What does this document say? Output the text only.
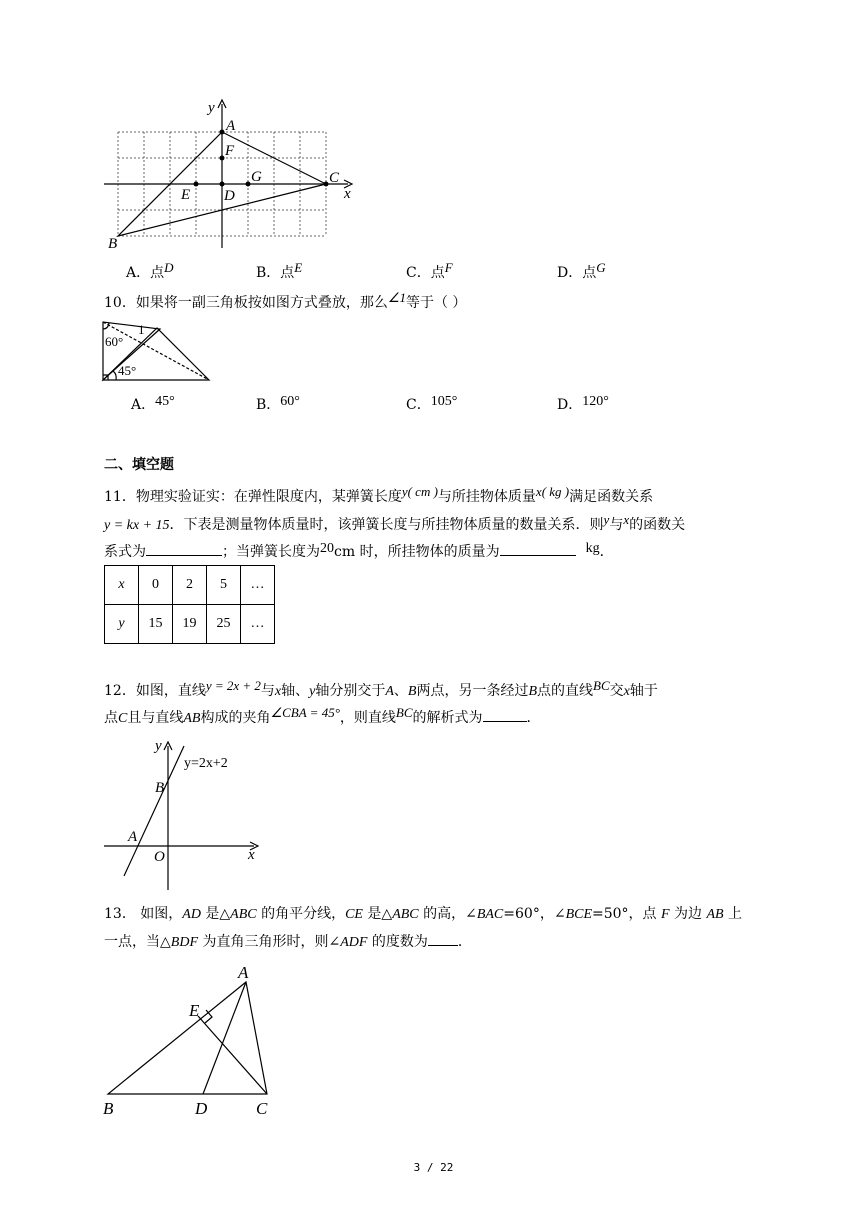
y
x
A
F
E D
G	C
B
A．点D	B．点E	C．点F	D．点G
10．如果将一副三角板按如图方式叠放，那么∠1等于（ ）
60°
45°
1
A．45°	B．60°	C．105°	D．120°
二、填空题
11．物理实验证实：在弹性限度内，某弹簧长度y( cm )与所挂物体质量x( kg )满足函数关系
y = kx + 15．下表是测量物体质量时，该弹簧长度与所挂物体质量的数量关系．则y与x的函数关
系式为	；当弹簧长度为20cm 时，所挂物体的质量为	kg．
x	0	2	5	…
y	15	19	25	…
12．如图，直线y = 2x + 2与x轴、y轴分别交于A、B两点，另一条经过B点的直线BC交x轴于
点C且与直线AB构成的夹角∠CBA = 45°，则直线BC的解析式为	．
y
x
y=2x+2
B
A
O
13． 如图，AD 是△ABC 的角平分线，CE 是△ABC 的高，∠BAC=60°，∠BCE=50°，点 F 为边 AB 上
一点，当△BDF 为直角三角形时，则∠ADF 的度数为 ．
A
E
B	D	C
3 / 22
